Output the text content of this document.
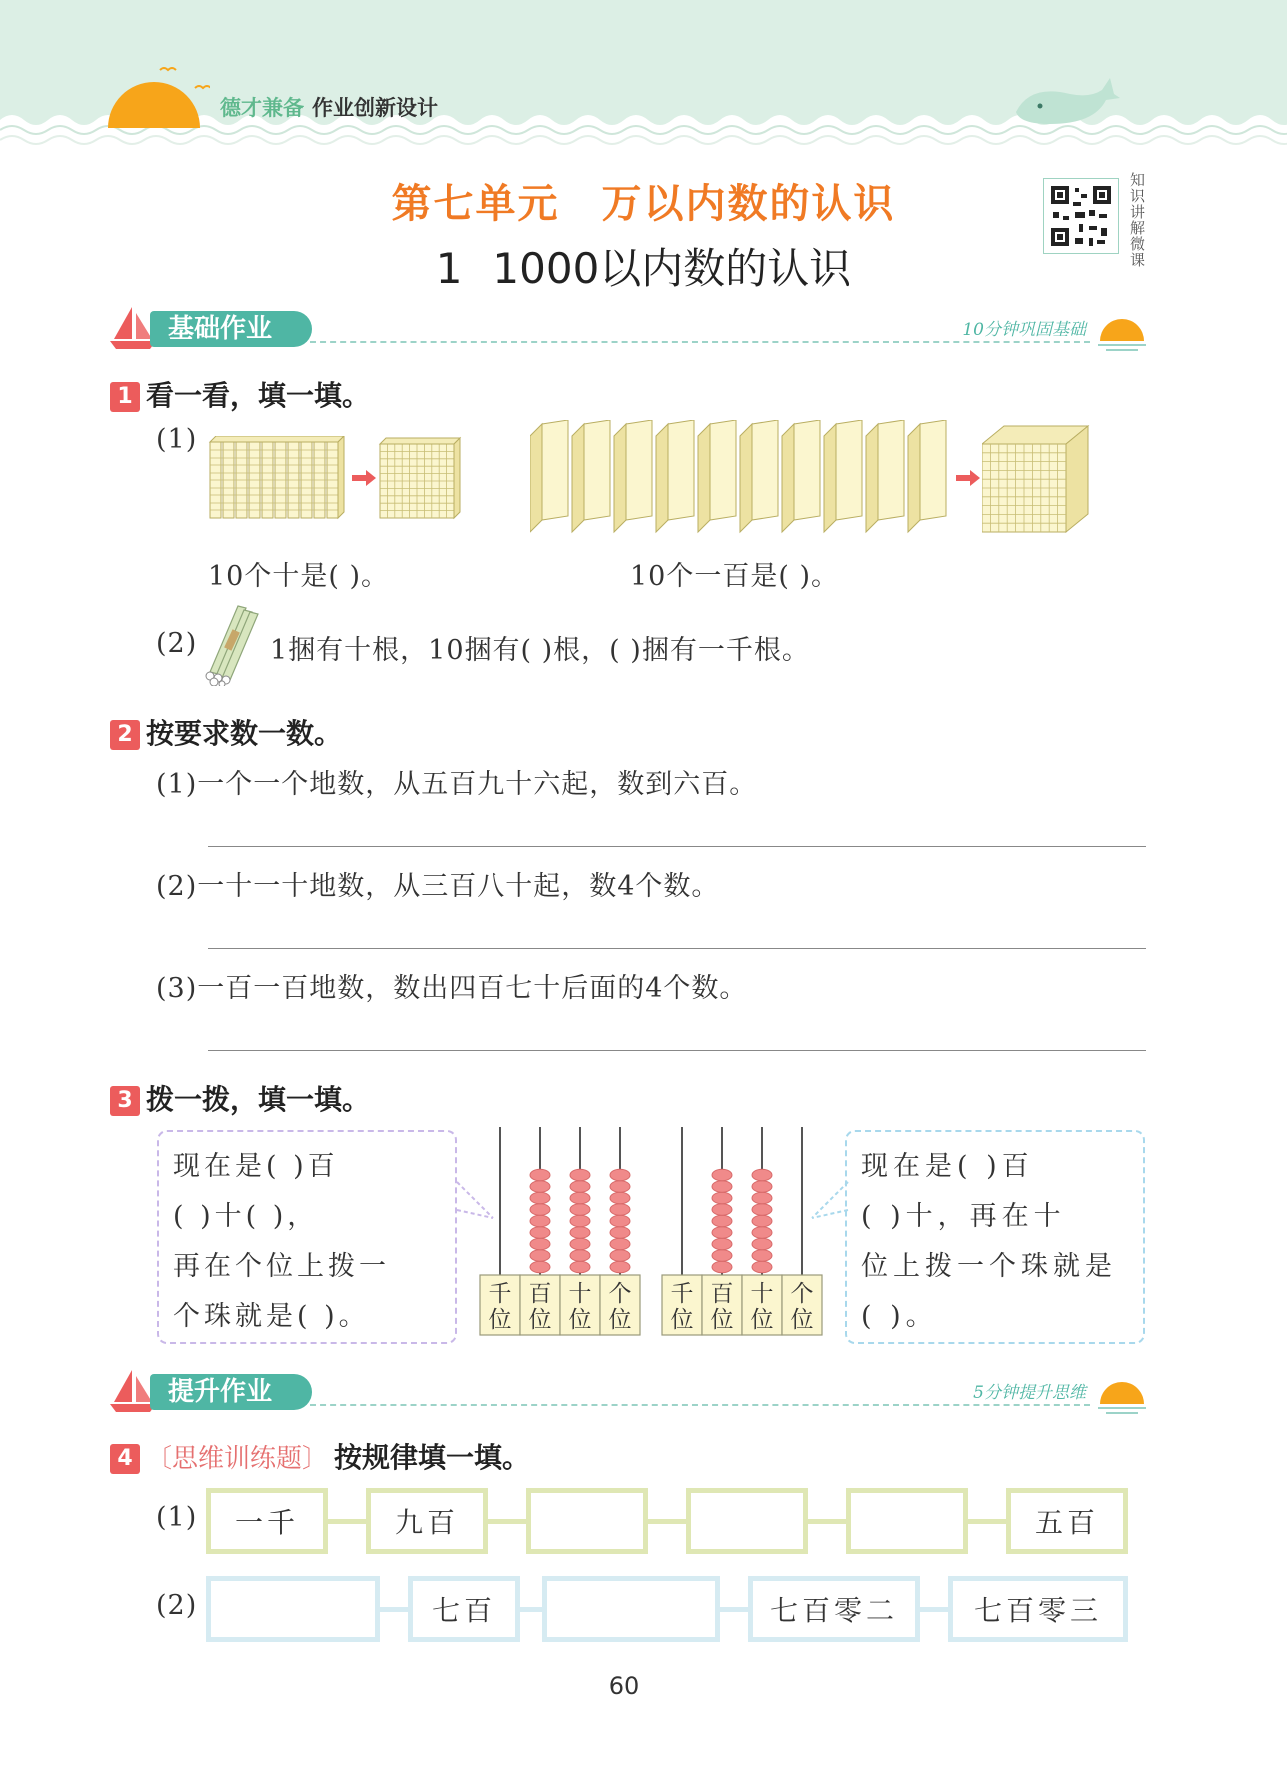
德才兼备 作业创新设计
第七单元 万以内数的认识
1 1000以内数的认识
知识讲解微课
基础作业	10分钟巩固基础
1 看一看，填一填。
(1)
10个十是( )。	10个一百是( )。
(2)	1捆有十根，10捆有( )根，( )捆有一千根。
2 按要求数一数。
(1)一个一个地数，从五百九十六起，数到六百。
(2)一十一十地数，从三百八十起，数4个数。
(3)一百一百地数，数出四百七十后面的4个数。
3 拨一拨，填一填。
现在是( )百
( )十( )，
再在个位上拨一
个珠就是( )。
千
位
百
位
十
位
个
位
千
位
百
位
十
位
个
位
现在是( )百
( )十，再在十
位上拨一个珠就是
( )。
提升作业	5分钟提升思维
4 〔思维训练题〕 按规律填一填。
(1)	一千	九百	五百
(2)	七百	七百零二	七百零三
60
